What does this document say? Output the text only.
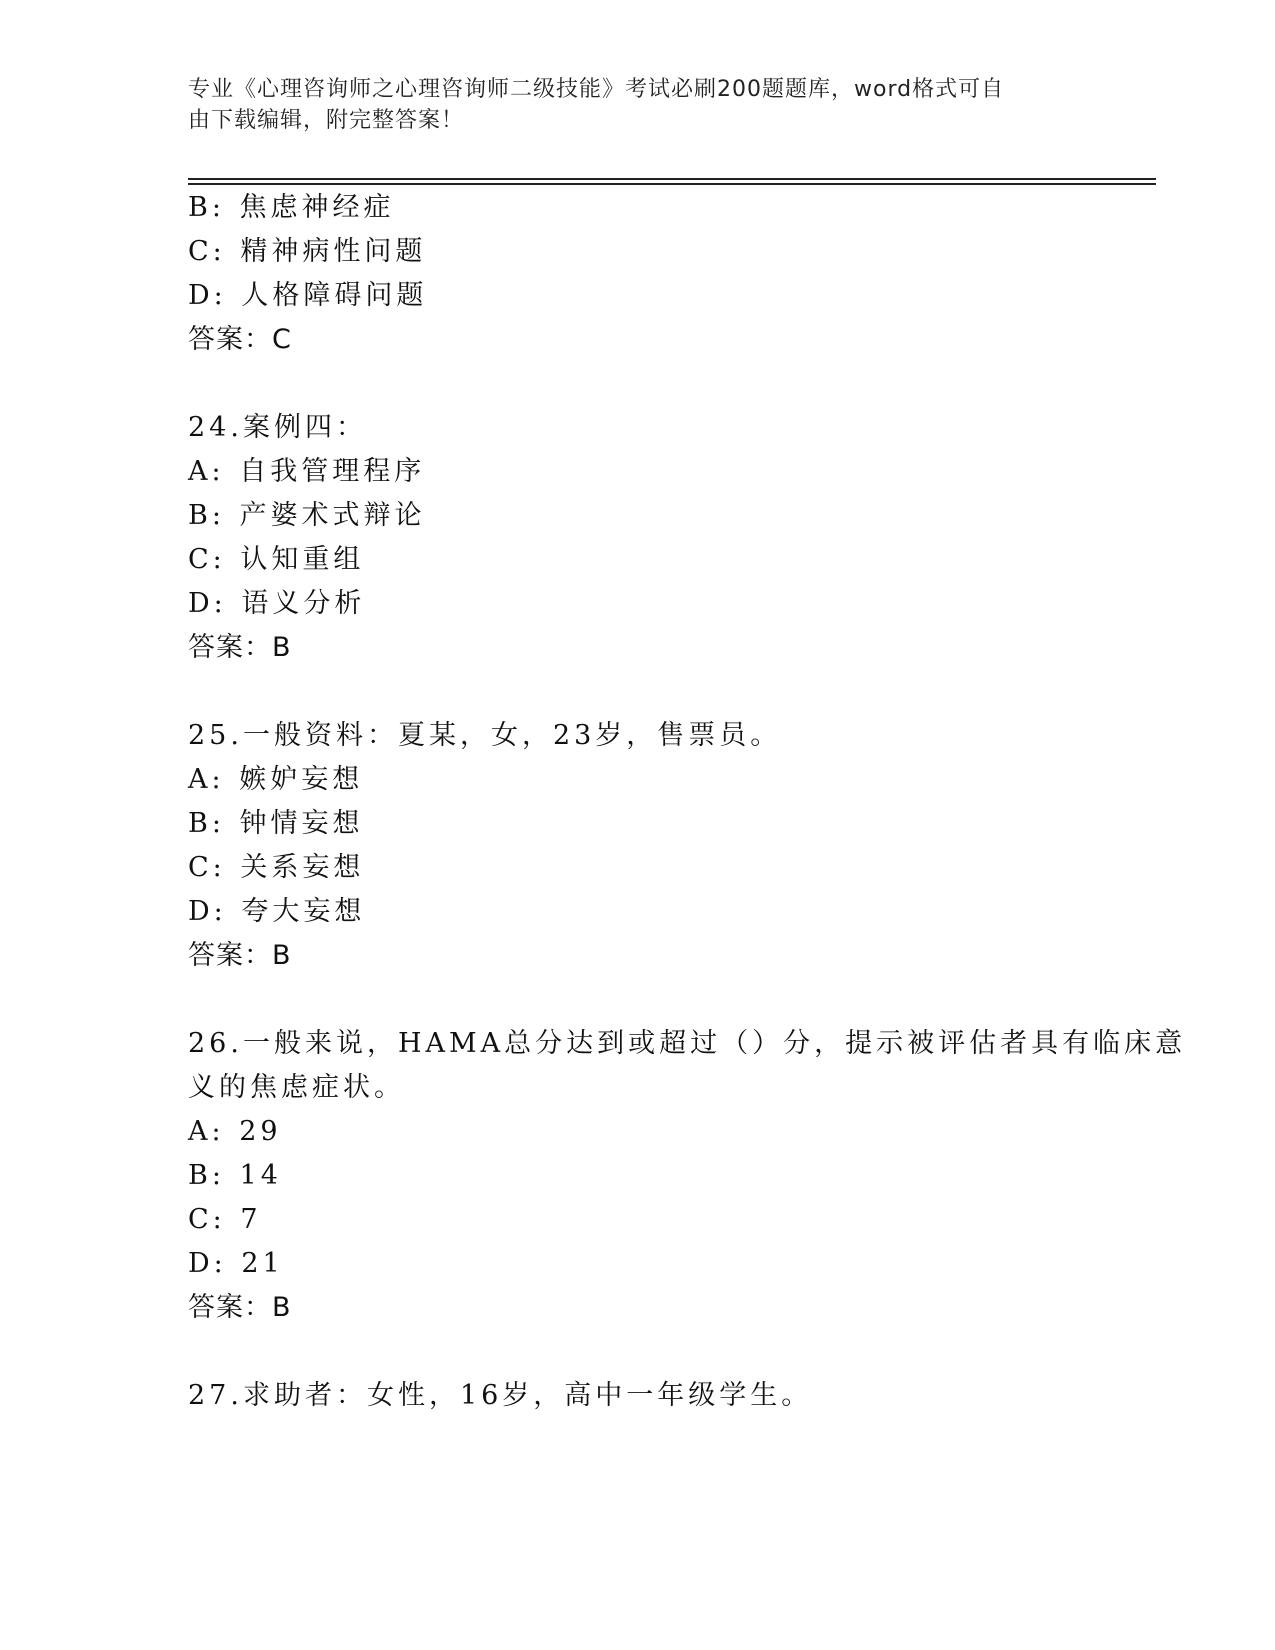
专业《心理咨询师之心理咨询师二级技能》考试必刷200题题库，word格式可自
由下载编辑，附完整答案！
B: 焦虑神经症
C: 精神病性问题
D: 人格障碍问题
答案：C
24.案例四：
A: 自我管理程序
B: 产婆术式辩论
C: 认知重组
D: 语义分析
答案：B
25.一般资料：夏某，女，23岁，售票员。
A: 嫉妒妄想
B: 钟情妄想
C: 关系妄想
D: 夸大妄想
答案：B
26.一般来说，HAMA总分达到或超过（）分，提示被评估者具有临床意
义的焦虑症状。
A: 29
B: 14
C: 7
D: 21
答案：B
27.求助者：女性，16岁，高中一年级学生。
